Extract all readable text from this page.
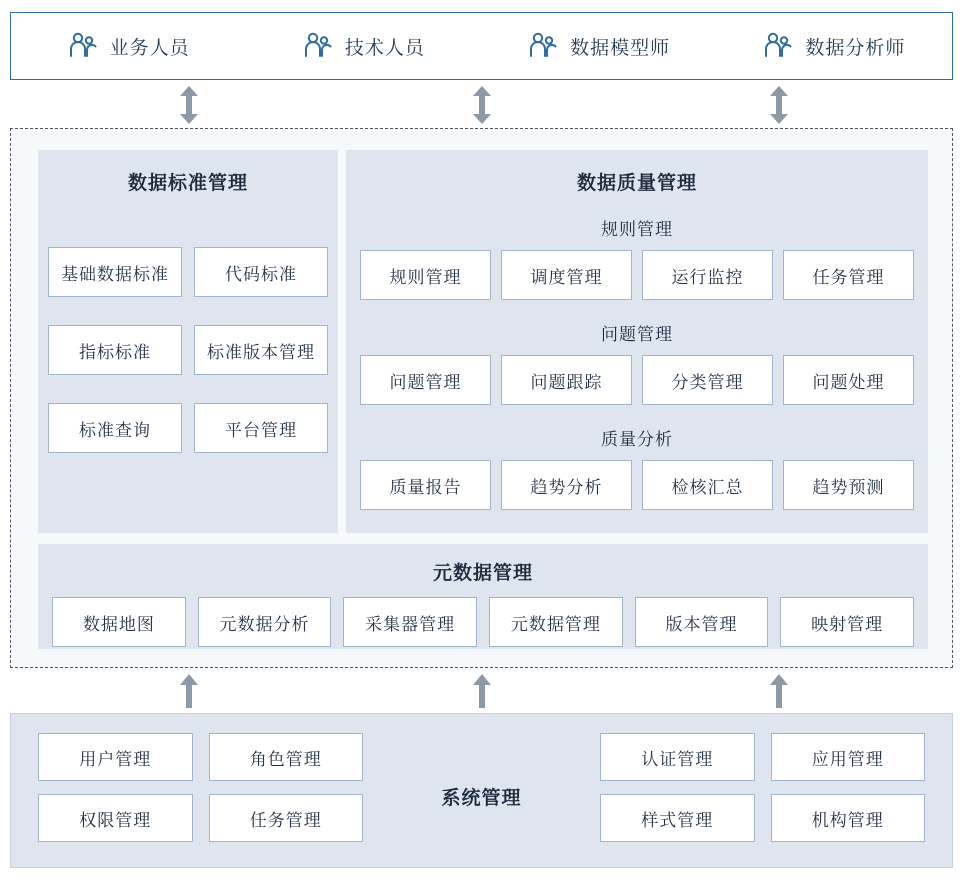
业务人员	技术人员	数据模型师	数据分析师
数据标准管理
基础数据标准	代码标准
指标标准	标准版本管理
标准查询	平台管理
数据质量管理
规则管理
规则管理	调度管理	运行监控	任务管理
问题管理
问题管理	问题跟踪	分类管理	问题处理
质量分析
质量报告	趋势分析	检核汇总	趋势预测
元数据管理
数据地图	元数据分析	采集器管理	元数据管理	版本管理	映射管理
系统管理
用户管理	角色管理
权限管理	任务管理
认证管理	应用管理
样式管理	机构管理
